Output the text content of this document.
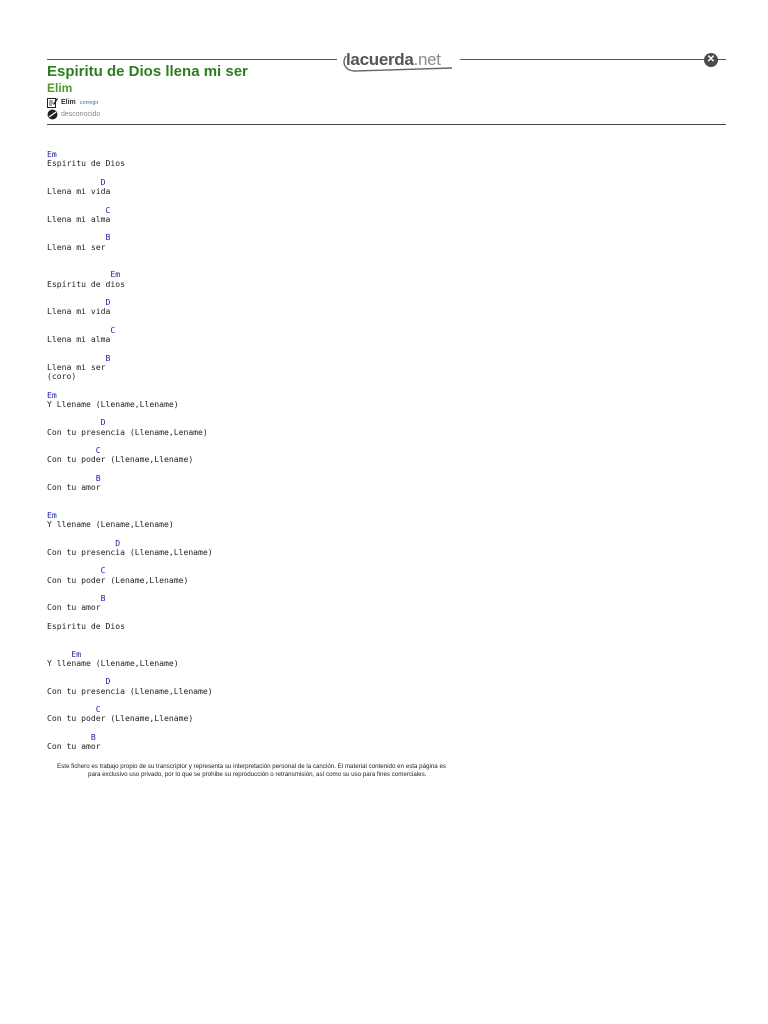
lacuerda.net	✕
Espiritu de Dios llena mi ser
Elim
Elim corregir
desconocido
Em
Espiritu de Dios

D
Llena mi vida

C
Llena mi alma

B
Llena mi ser

Em
Espíritu de dios

D
Llena mi vida

C
Llena mi alma

B
Llena mi ser
(coro)

Em
Y Llename (Llename,Llename)

D
Con tu presencia (Llename,Lename)

C
Con tu poder (Llename,Llename)

B
Con tu amor

Em
Y llename (Lename,Llename)

D
Con tu presencia (Llename,Llename)

C
Con tu poder (Lename,Llename)

B
Con tu amor

Espiritu de Dios

Em
Y llename (Llename,Llename)

D
Con tu presencia (Llename,Llename)

C
Con tu poder (Llename,Llename)

B
Con tu amor

Este fichero es trabajo propio de su transcriptor y representa su interpretación personal de la canción. El material contenido en esta página es
para exclusivo uso privado, por lo que se prohibe su reproducción o retransmisión, así como su uso para fines comerciales.
